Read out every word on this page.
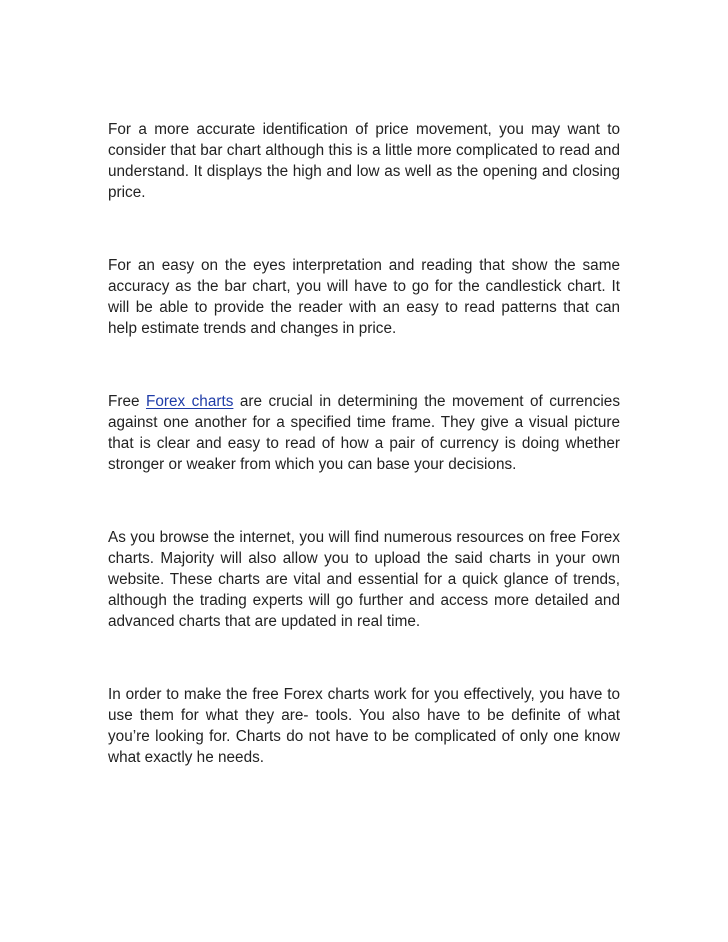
For a more accurate identification of price movement, you may want to consider that bar chart although this is a little more complicated to read and understand. It displays the high and low as well as the opening and closing price.

For an easy on the eyes interpretation and reading that show the same accuracy as the bar chart, you will have to go for the candlestick chart. It will be able to provide the reader with an easy to read patterns that can help estimate trends and changes in price.

Free Forex charts are crucial in determining the movement of currencies against one another for a specified time frame. They give a visual picture that is clear and easy to read of how a pair of currency is doing whether stronger or weaker from which you can base your decisions.

As you browse the internet, you will find numerous resources on free Forex charts. Majority will also allow you to upload the said charts in your own website. These charts are vital and essential for a quick glance of trends, although the trading experts will go further and access more detailed and advanced charts that are updated in real time.

In order to make the free Forex charts work for you effectively, you have to use them for what they are- tools. You also have to be definite of what you’re looking for. Charts do not have to be complicated of only one know what exactly he needs.
